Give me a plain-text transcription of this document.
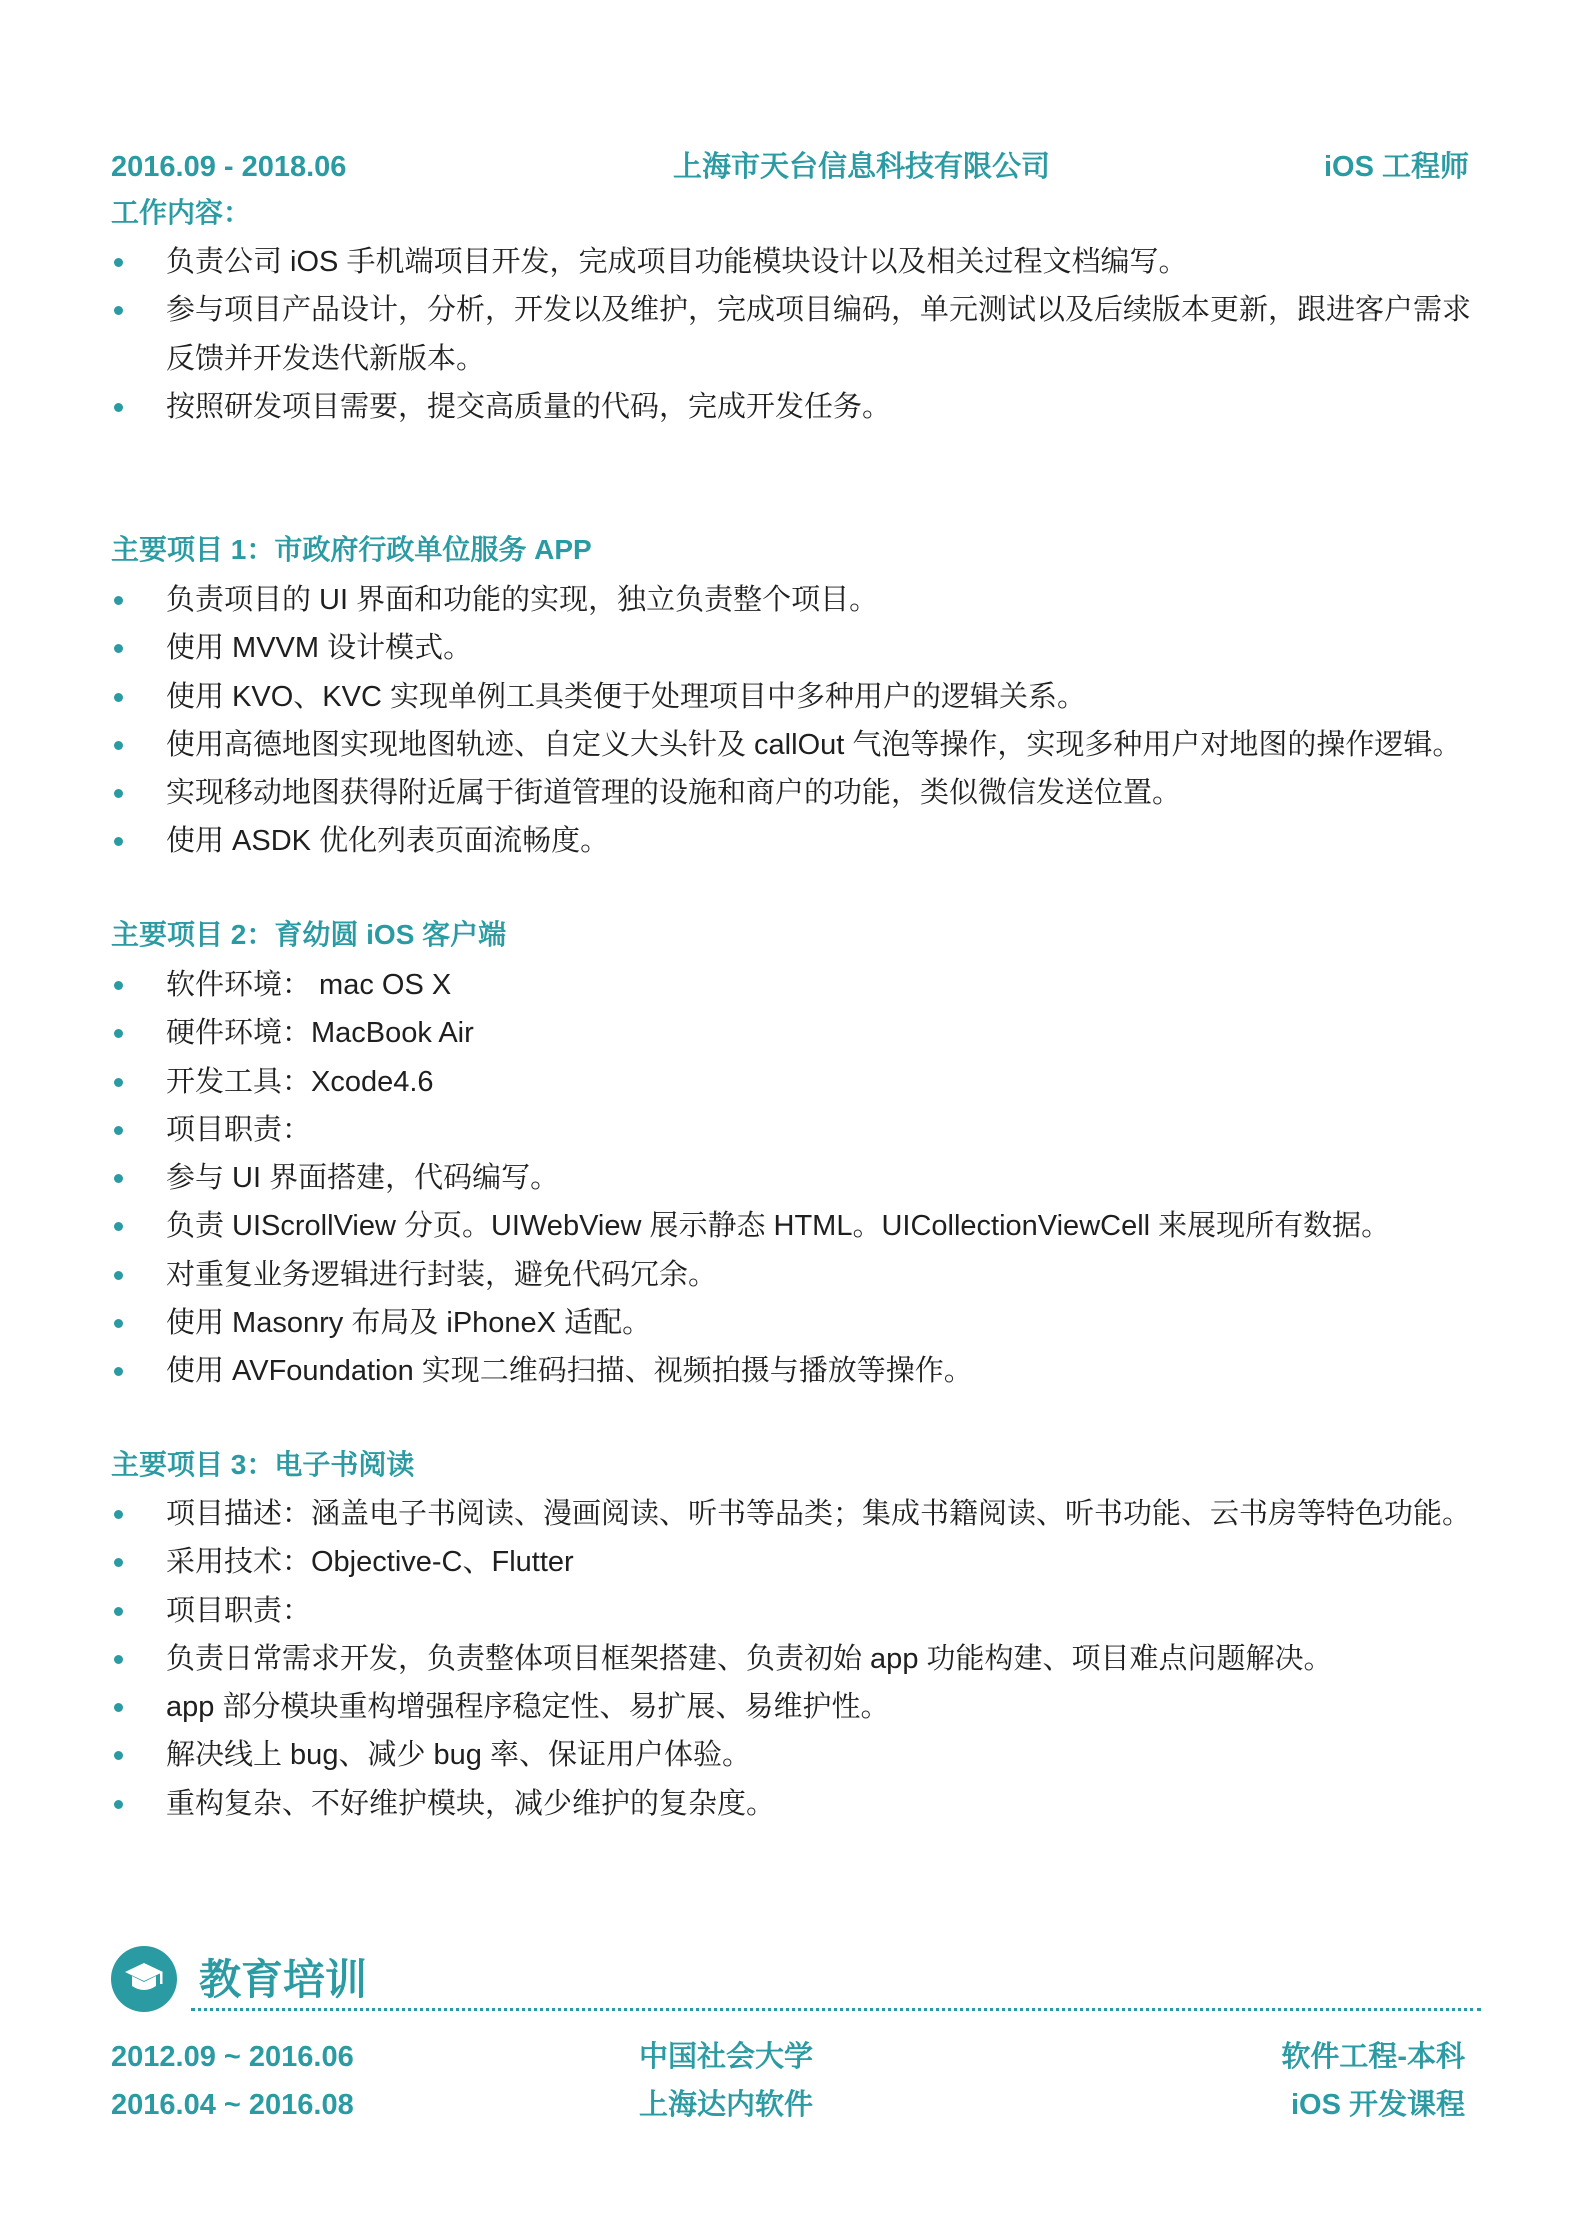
2016.09 - 2018.06	上海市天台信息科技有限公司	iOS 工程师
工作内容：
负责公司 iOS 手机端项目开发，完成项目功能模块设计以及相关过程文档编写。
参与项目产品设计，分析，开发以及维护，完成项目编码，单元测试以及后续版本更新，跟进客户需求反馈并开发迭代新版本。
按照研发项目需要，提交高质量的代码，完成开发任务。
主要项目 1：市政府行政单位服务 APP
负责项目的 UI 界面和功能的实现，独立负责整个项目。
使用 MVVM 设计模式。
使用 KVO、KVC 实现单例工具类便于处理项目中多种用户的逻辑关系。
使用高德地图实现地图轨迹、自定义大头针及 callOut 气泡等操作，实现多种用户对地图的操作逻辑。
实现移动地图获得附近属于街道管理的设施和商户的功能，类似微信发送位置。
使用 ASDK 优化列表页面流畅度。
主要项目 2：育幼圆 iOS 客户端
软件环境： mac OS X
硬件环境：MacBook Air
开发工具：Xcode4.6
项目职责：
参与 UI 界面搭建，代码编写。
负责 UIScrollView 分页。UIWebView 展示静态 HTML。UICollectionViewCell 来展现所有数据。
对重复业务逻辑进行封装，避免代码冗余。
使用 Masonry 布局及 iPhoneX 适配。
使用 AVFoundation 实现二维码扫描、视频拍摄与播放等操作。
主要项目 3：电子书阅读
项目描述：涵盖电子书阅读、漫画阅读、听书等品类；集成书籍阅读、听书功能、云书房等特色功能。
采用技术：Objective-C、Flutter
项目职责：
负责日常需求开发，负责整体项目框架搭建、负责初始 app 功能构建、项目难点问题解决。
app 部分模块重构增强程序稳定性、易扩展、易维护性。
解决线上 bug、减少 bug 率、保证用户体验。
重构复杂、不好维护模块，减少维护的复杂度。
教育培训
2012.09 ~ 2016.06	中国社会大学	软件工程-本科
2016.04 ~ 2016.08	上海达内软件	iOS 开发课程
